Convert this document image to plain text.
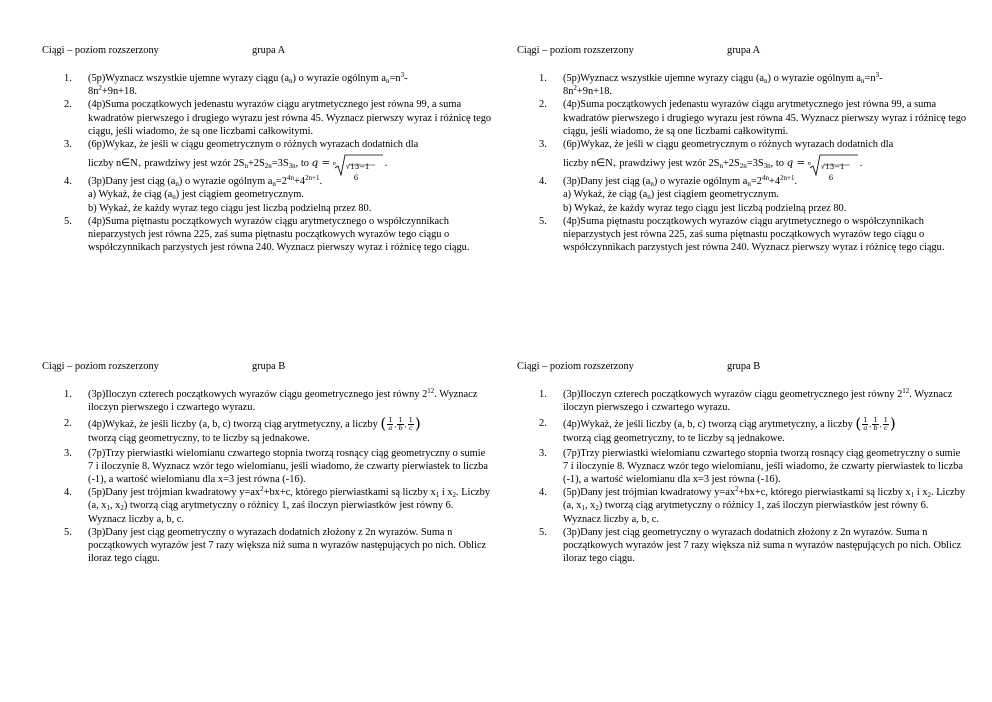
Ciągi – poziom rozszerzony	grupa A
1. (5p)Wyznacz wszystkie ujemne wyrazy ciągu $(a_n)$ o wyrazie ogólnym $a_n=n^3-$
$8n^2+9n+18$.
2. (4p)Suma początkowych jedenastu wyrazów ciągu arytmetycznego jest równa 99, a suma kwadratów pierwszego i drugiego wyrazu jest równa 45. Wyznacz pierwszy wyraz i różnicę tego ciągu, jeśli wiadomo, że są one liczbami całkowitymi.
3. (6p)Wykaz, że jeśli w ciągu geometrycznym o różnych wyrazach dodatnich dla
liczby $n\in N_+$ prawdziwy jest wzór $2S_n+2S_{2n}=3S_{3n}$, to q = n √13−1
6
.
4. (3p)Dany jest ciąg $(a_n)$ o wyrazie ogólnym $a_n=2^{4n}+4^{2n+1}$.
a) Wykaż, że ciąg $(a_n)$ jest ciągiem geometrycznym.
b) Wykaż, że każdy wyraz tego ciągu jest liczbą podzielną przez 80.
5. (4p)Suma piętnastu początkowych wyrazów ciągu arytmetycznego o współczynnikach nieparzystych jest równa 225, zaś suma piętnastu początkowych wyrazów tego ciągu o współczynnikach parzystych jest równa 240. Wyznacz pierwszy wyraz i różnicę tego ciągu.
Ciągi – poziom rozszerzony	grupa A
1. (5p)Wyznacz wszystkie ujemne wyrazy ciągu $(a_n)$ o wyrazie ogólnym $a_n=n^3-$
$8n^2+9n+18$.
2. (4p)Suma początkowych jedenastu wyrazów ciągu arytmetycznego jest równa 99, a suma kwadratów pierwszego i drugiego wyrazu jest równa 45. Wyznacz pierwszy wyraz i różnicę tego ciągu, jeśli wiadomo, że są one liczbami całkowitymi.
3. (6p)Wykaz, że jeśli w ciągu geometrycznym o różnych wyrazach dodatnich dla
liczby $n\in N_+$ prawdziwy jest wzór $2S_n+2S_{2n}=3S_{3n}$, to q = n √13−1
6
.
4. (3p)Dany jest ciąg $(a_n)$ o wyrazie ogólnym $a_n=2^{4n}+4^{2n+1}$.
a) Wykaż, że ciąg $(a_n)$ jest ciągiem geometrycznym.
b) Wykaż, że każdy wyraz tego ciągu jest liczbą podzielną przez 80.
5. (4p)Suma piętnastu początkowych wyrazów ciągu arytmetycznego o współczynnikach nieparzystych jest równa 225, zaś suma piętnastu początkowych wyrazów tego ciągu o współczynnikach parzystych jest równa 240. Wyznacz pierwszy wyraz i różnicę tego ciągu.
Ciągi – poziom rozszerzony	grupa B
1. (3p)Iloczyn czterech początkowych wyrazów ciągu geometrycznego jest równy $2^{12}$. Wyznacz iloczyn pierwszego i czwartego wyrazu.
2. (4p)Wykaż, że jeśli liczby (a, b, c) tworzą ciąg arytmetyczny, a liczby ( $\frac{1}{a}$ , $\frac{1}{b}$ , $\frac{1}{c}$ )
tworzą ciąg geometryczny, to te liczby są jednakowe.
3. (7p)Trzy pierwiastki wielomianu czwartego stopnia tworzą rosnący ciąg geometryczny o sumie 7 i iloczynie 8. Wyznacz wzór tego wielomianu, jeśli wiadomo, że czwarty pierwiastek to liczba (-1), a wartość wielomianu dla x=3 jest równa (-16).
4. (5p)Dany jest trójmian kwadratowy $y=ax^2+bx+c$, którego pierwiastkami są liczby $x_1$ i $x_2$. Liczby (a, $x_1$, $x_2$) tworzą ciąg arytmetyczny o różnicy 1, zaś iloczyn pierwiastków jest równy 6. Wyznacz liczby a, b, c.
5. (3p)Dany jest ciąg geometryczny o wyrazach dodatnich złożony z 2n wyrazów. Suma n początkowych wyrazów jest 7 razy większa niż suma n wyrazów następujących po nich. Oblicz iloraz tego ciągu.
Ciągi – poziom rozszerzony	grupa B
1. (3p)Iloczyn czterech początkowych wyrazów ciągu geometrycznego jest równy $2^{12}$. Wyznacz iloczyn pierwszego i czwartego wyrazu.
2. (4p)Wykaż, że jeśli liczby (a, b, c) tworzą ciąg arytmetyczny, a liczby ( $\frac{1}{a}$ , $\frac{1}{b}$ , $\frac{1}{c}$ )
tworzą ciąg geometryczny, to te liczby są jednakowe.
3. (7p)Trzy pierwiastki wielomianu czwartego stopnia tworzą rosnący ciąg geometryczny o sumie 7 i iloczynie 8. Wyznacz wzór tego wielomianu, jeśli wiadomo, że czwarty pierwiastek to liczba (-1), a wartość wielomianu dla x=3 jest równa (-16).
4. (5p)Dany jest trójmian kwadratowy $y=ax^2+bx+c$, którego pierwiastkami są liczby $x_1$ i $x_2$. Liczby (a, $x_1$, $x_2$) tworzą ciąg arytmetyczny o różnicy 1, zaś iloczyn pierwiastków jest równy 6. Wyznacz liczby a, b, c.
5. (3p)Dany jest ciąg geometryczny o wyrazach dodatnich złożony z 2n wyrazów. Suma n początkowych wyrazów jest 7 razy większa niż suma n wyrazów następujących po nich. Oblicz iloraz tego ciągu.
